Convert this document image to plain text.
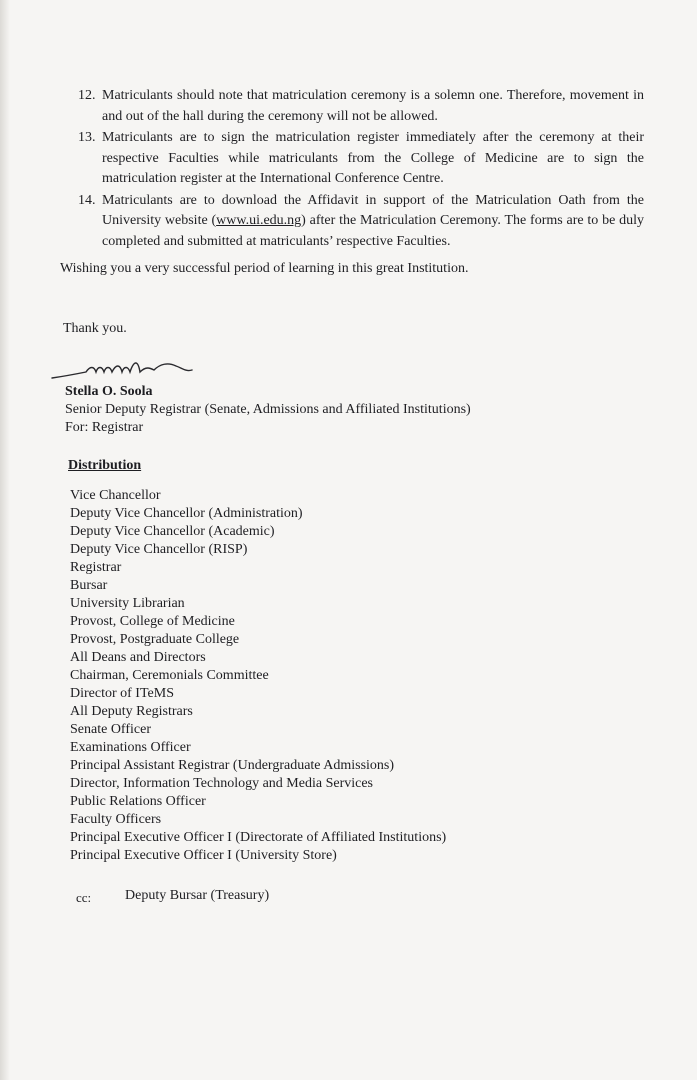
12. Matriculants should note that matriculation ceremony is a solemn one. Therefore, movement in and out of the hall during the ceremony will not be allowed.
13. Matriculants are to sign the matriculation register immediately after the ceremony at their respective Faculties while matriculants from the College of Medicine are to sign the matriculation register at the International Conference Centre.
14. Matriculants are to download the Affidavit in support of the Matriculation Oath from the University website (www.ui.edu.ng) after the Matriculation Ceremony. The forms are to be duly completed and submitted at matriculants’ respective Faculties.
Wishing you a very successful period of learning in this great Institution.
Thank you.
Stella O. Soola
Senior Deputy Registrar (Senate, Admissions and Affiliated Institutions)
For: Registrar
Distribution
Vice Chancellor
Deputy Vice Chancellor (Administration)
Deputy Vice Chancellor (Academic)
Deputy Vice Chancellor (RISP)
Registrar
Bursar
University Librarian
Provost, College of Medicine
Provost, Postgraduate College
All Deans and Directors
Chairman, Ceremonials Committee
Director of ITeMS
All Deputy Registrars
Senate Officer
Examinations Officer
Principal Assistant Registrar (Undergraduate Admissions)
Director, Information Technology and Media Services
Public Relations Officer
Faculty Officers
Principal Executive Officer I (Directorate of Affiliated Institutions)
Principal Executive Officer I (University Store)
cc: Deputy Bursar (Treasury)
